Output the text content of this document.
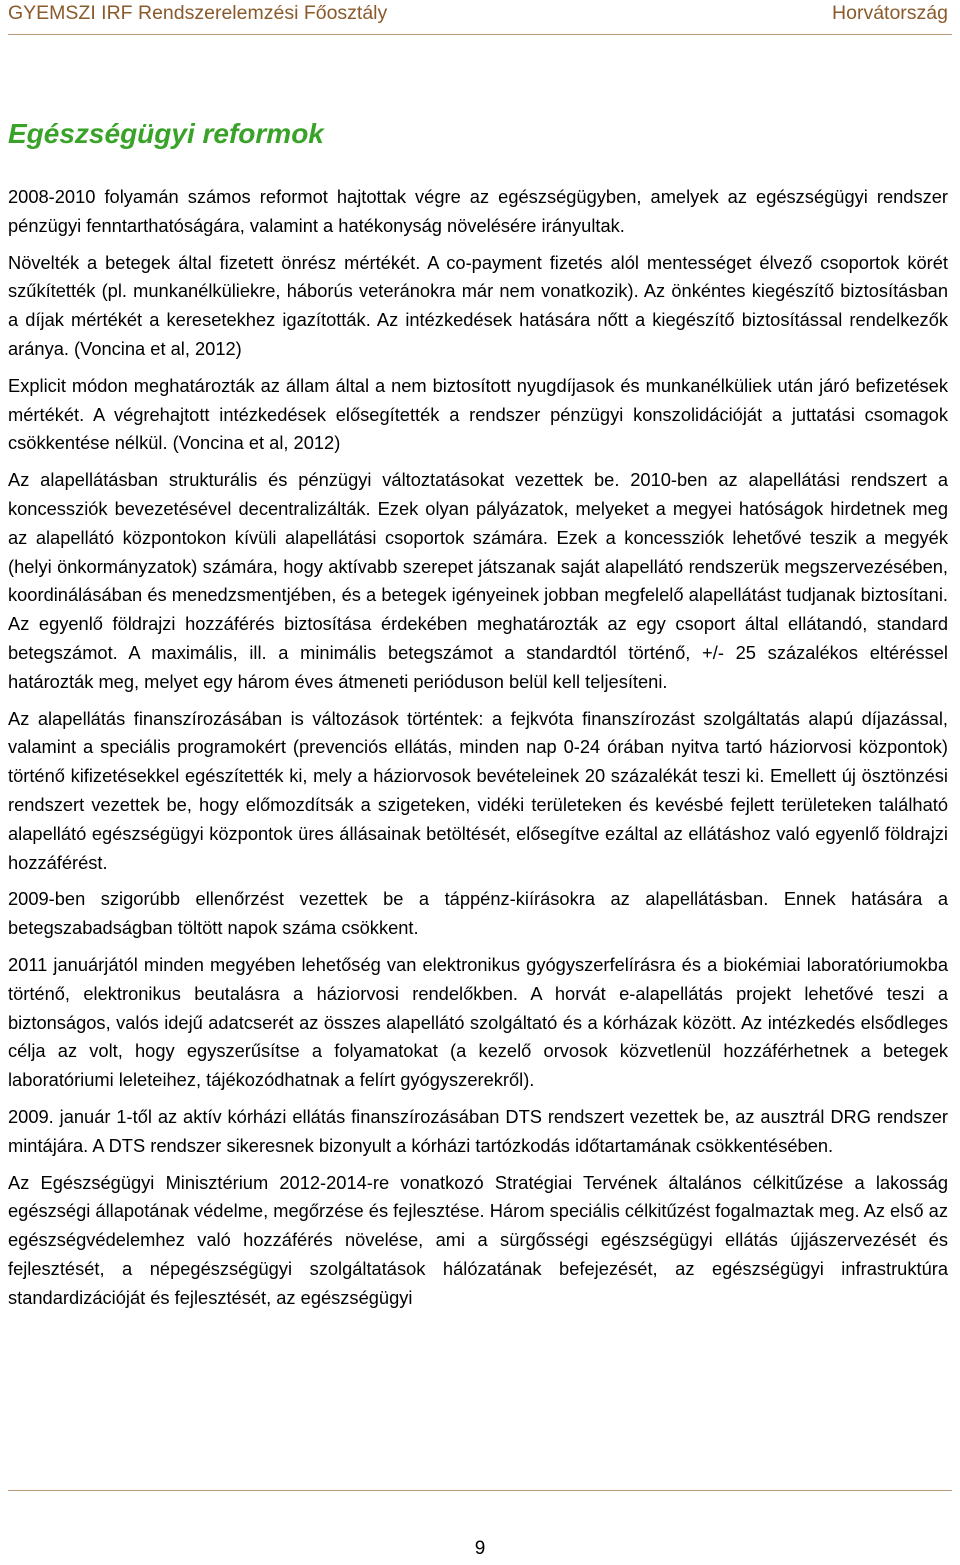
GYEMSZI IRF Rendszerelemzési Főosztály	Horvátország
Egészségügyi reformok

2008-2010 folyamán számos reformot hajtottak végre az egészségügyben, amelyek az egészségügyi rendszer pénzügyi fenntarthatóságára, valamint a hatékonyság növelésére irányultak.

Növelték a betegek által fizetett önrész mértékét. A co-payment fizetés alól mentességet élvező csoportok körét szűkítették (pl. munkanélküliekre, háborús veteránokra már nem vonatkozik). Az önkéntes kiegészítő biztosításban a díjak mértékét a keresetekhez igazították. Az intézkedések hatására nőtt a kiegészítő biztosítással rendelkezők aránya. (Voncina et al, 2012)

Explicit módon meghatározták az állam által a nem biztosított nyugdíjasok és munkanélküliek után járó befizetések mértékét. A végrehajtott intézkedések elősegítették a rendszer pénzügyi konszolidációját a juttatási csomagok csökkentése nélkül. (Voncina et al, 2012)

Az alapellátásban strukturális és pénzügyi változtatásokat vezettek be. 2010-ben az alapellátási rendszert a koncessziók bevezetésével decentralizálták. Ezek olyan pályázatok, melyeket a megyei hatóságok hirdetnek meg az alapellátó központokon kívüli alapellátási csoportok számára. Ezek a koncessziók lehetővé teszik a megyék (helyi önkormányzatok) számára, hogy aktívabb szerepet játszanak saját alapellátó rendszerük megszervezésében, koordinálásában és menedzsmentjében, és a betegek igényeinek jobban megfelelő alapellátást tudjanak biztosítani. Az egyenlő földrajzi hozzáférés biztosítása érdekében meghatározták az egy csoport által ellátandó, standard betegszámot. A maximális, ill. a minimális betegszámot a standardtól történő, +/- 25 százalékos eltéréssel határozták meg, melyet egy három éves átmeneti perióduson belül kell teljesíteni.

Az alapellátás finanszírozásában is változások történtek: a fejkvóta finanszírozást szolgáltatás alapú díjazással, valamint a speciális programokért (prevenciós ellátás, minden nap 0-24 órában nyitva tartó háziorvosi központok) történő kifizetésekkel egészítették ki, mely a háziorvosok bevételeinek 20 százalékát teszi ki. Emellett új ösztönzési rendszert vezettek be, hogy előmozdítsák a szigeteken, vidéki területeken és kevésbé fejlett területeken található alapellátó egészségügyi központok üres állásainak betöltését, elősegítve ezáltal az ellátáshoz való egyenlő földrajzi hozzáférést.

2009-ben szigorúbb ellenőrzést vezettek be a táppénz-kiírásokra az alapellátásban. Ennek hatására a betegszabadságban töltött napok száma csökkent.

2011 januárjától minden megyében lehetőség van elektronikus gyógyszerfelírásra és a biokémiai laboratóriumokba történő, elektronikus beutalásra a háziorvosi rendelőkben. A horvát e-alapellátás projekt lehetővé teszi a biztonságos, valós idejű adatcserét az összes alapellátó szolgáltató és a kórházak között. Az intézkedés elsődleges célja az volt, hogy egyszerűsítse a folyamatokat (a kezelő orvosok közvetlenül hozzáférhetnek a betegek laboratóriumi leleteihez, tájékozódhatnak a felírt gyógyszerekről).

2009. január 1-től az aktív kórházi ellátás finanszírozásában DTS rendszert vezettek be, az ausztrál DRG rendszer mintájára. A DTS rendszer sikeresnek bizonyult a kórházi tartózkodás időtartamának csökkentésében.

Az Egészségügyi Minisztérium 2012-2014-re vonatkozó Stratégiai Tervének általános célkitűzése a lakosság egészségi állapotának védelme, megőrzése és fejlesztése. Három speciális célkitűzést fogalmaztak meg. Az első az egészségvédelemhez való hozzáférés növelése, ami a sürgősségi egészségügyi ellátás újjászervezését és fejlesztését, a népegészségügyi szolgáltatások hálózatának befejezését, az egészségügyi infrastruktúra standardizációját és fejlesztését, az egészségügyi

9
